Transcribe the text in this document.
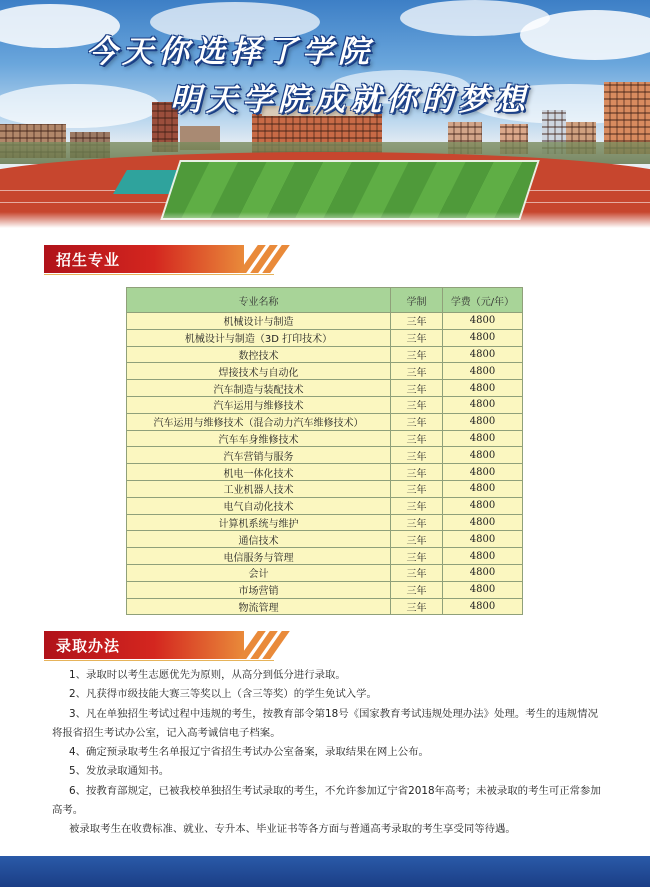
今天你选择了学院
明天学院成就你的梦想
招生专业
专业名称	学制	学费（元/年）
机械设计与制造	三年	4800
机械设计与制造（3D 打印技术）	三年	4800
数控技术	三年	4800
焊接技术与自动化	三年	4800
汽车制造与装配技术	三年	4800
汽车运用与维修技术	三年	4800
汽车运用与维修技术（混合动力汽车维修技术）	三年	4800
汽车车身维修技术	三年	4800
汽车营销与服务	三年	4800
机电一体化技术	三年	4800
工业机器人技术	三年	4800
电气自动化技术	三年	4800
计算机系统与维护	三年	4800
通信技术	三年	4800
电信服务与管理	三年	4800
会计	三年	4800
市场营销	三年	4800
物流管理	三年	4800
录取办法

1、录取时以考生志愿优先为原则，从高分到低分进行录取。

2、凡获得市级技能大赛三等奖以上（含三等奖）的学生免试入学。

3、凡在单独招生考试过程中违规的考生，按教育部令第18号《国家教育考试违规处理办法》处理。考生的违规情况将报省招生考试办公室，记入高考诚信电子档案。

4、确定预录取考生名单报辽宁省招生考试办公室备案，录取结果在网上公布。

5、发放录取通知书。

6、按教育部规定，已被我校单独招生考试录取的考生，不允许参加辽宁省2018年高考；未被录取的考生可正常参加高考。

被录取考生在收费标准、就业、专升本、毕业证书等各方面与普通高考录取的考生享受同等待遇。
